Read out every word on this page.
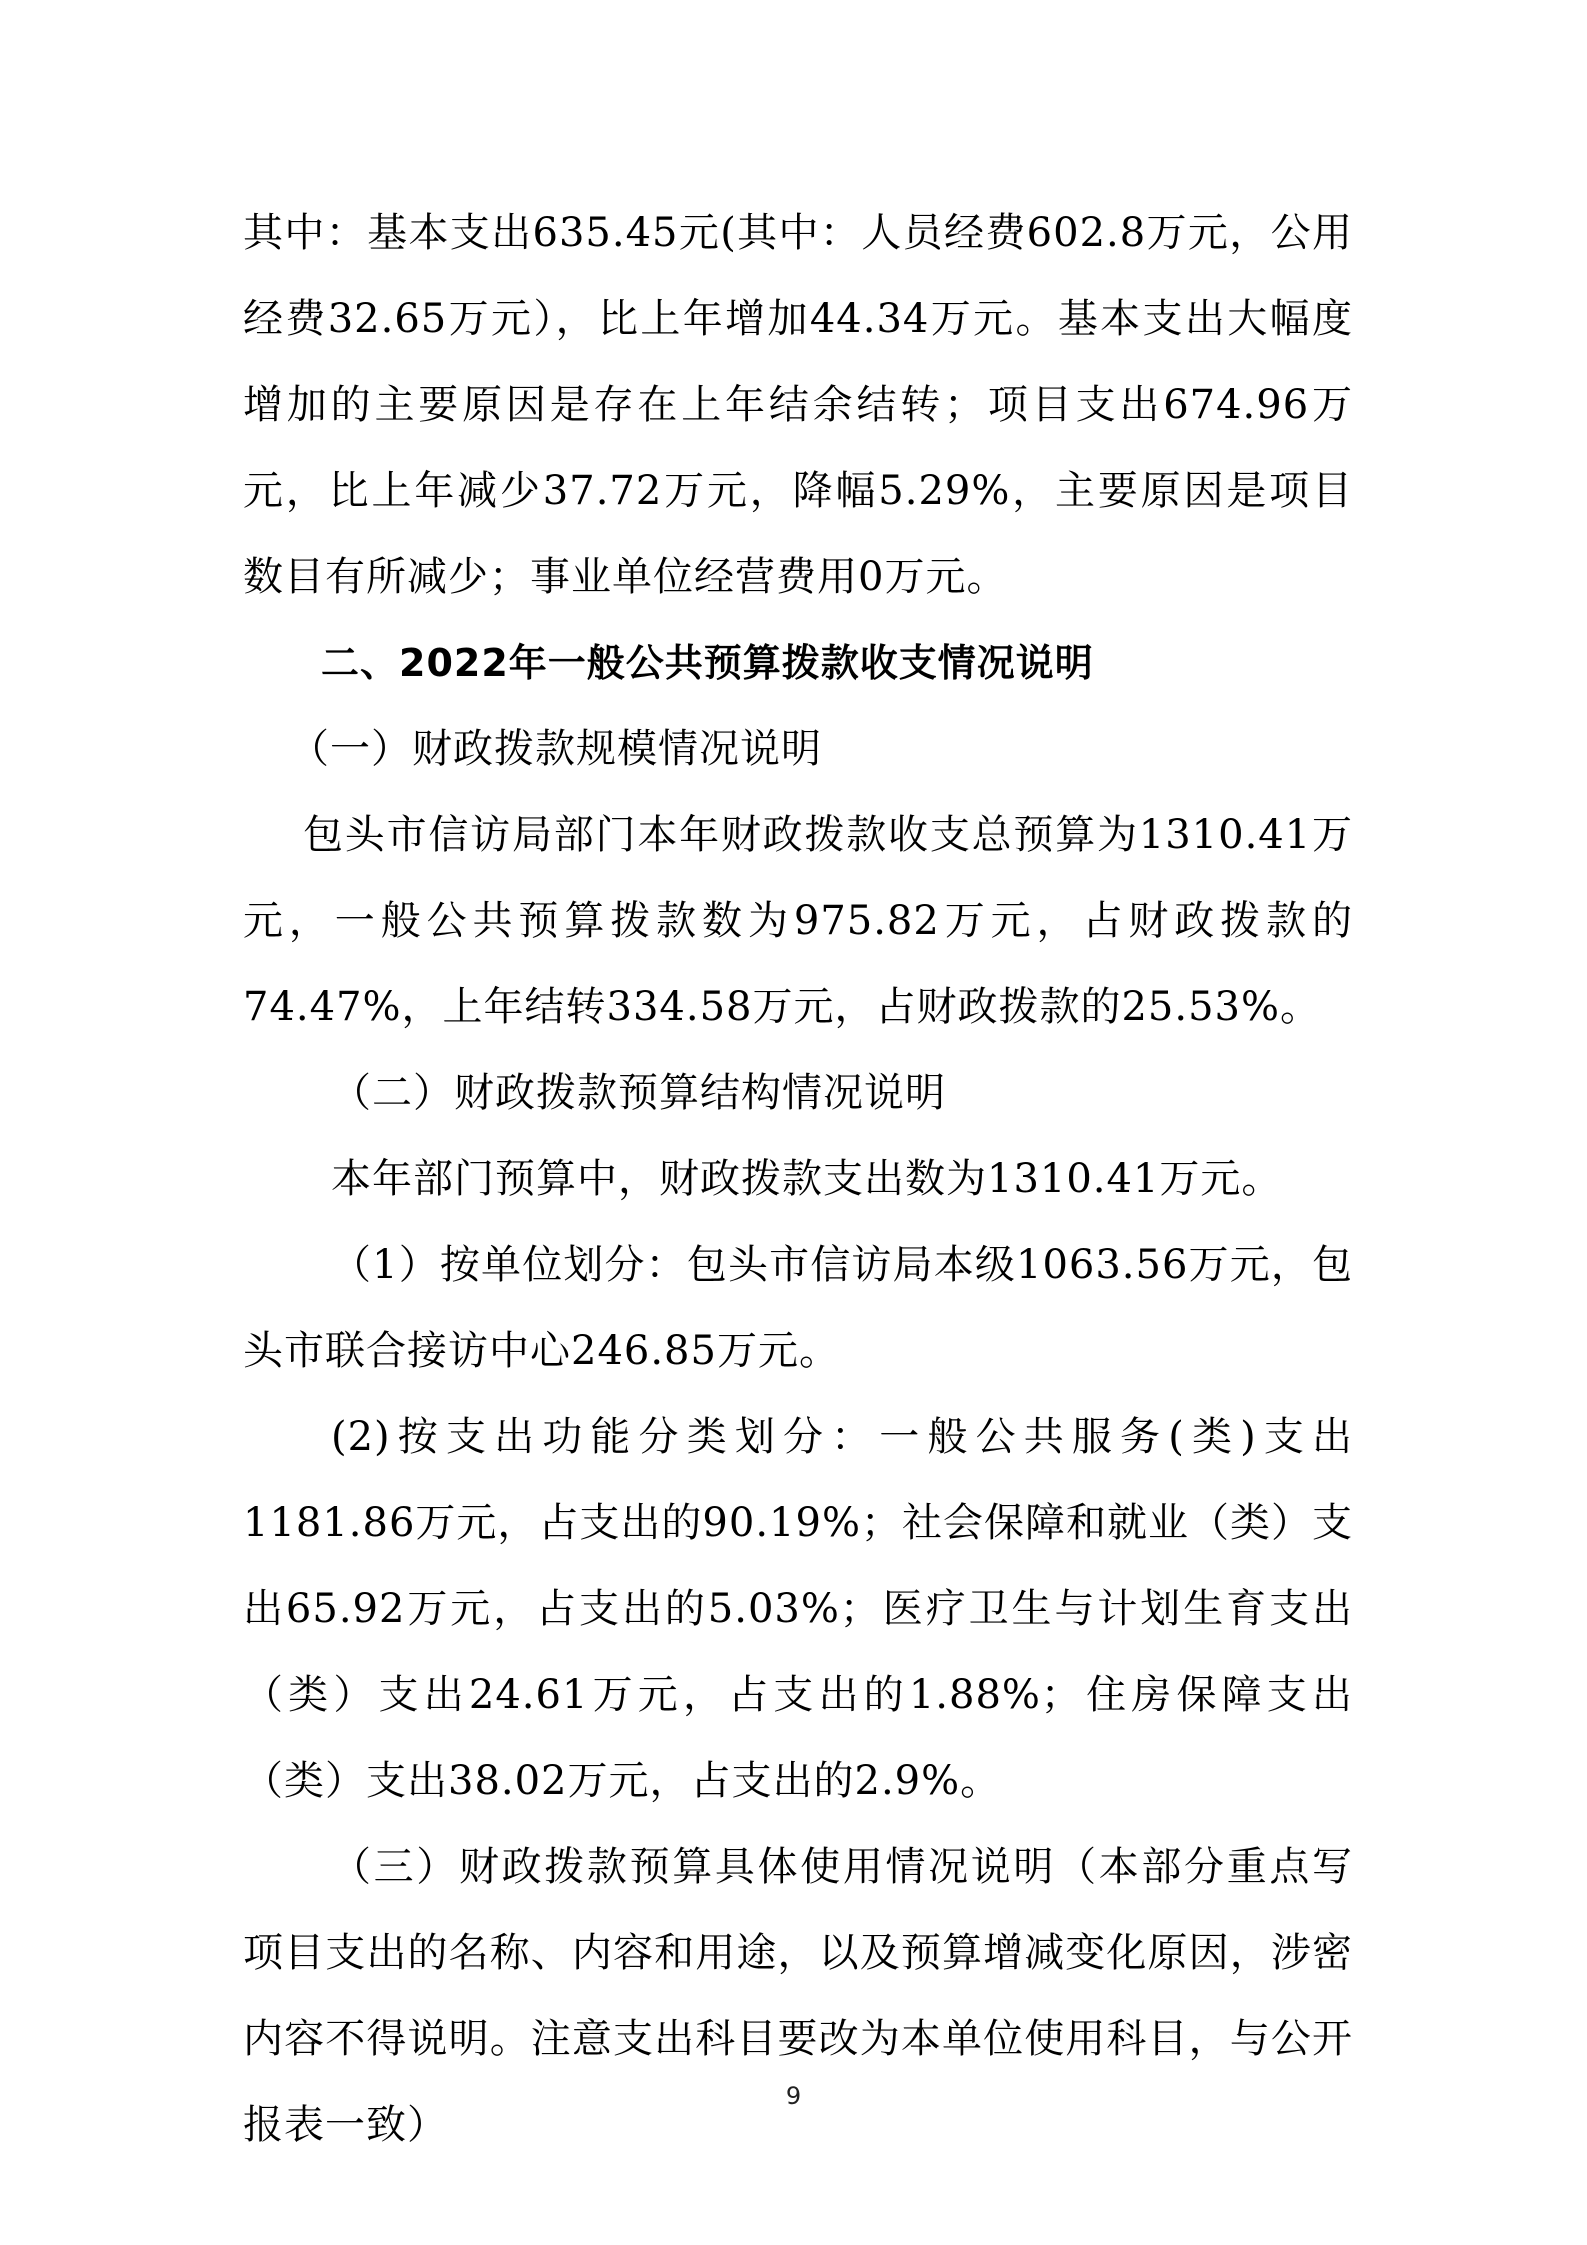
其中：基本支出635.45元(其中：人员经费602.8万元，公用经费32.65万元），比上年增加44.34万元。基本支出大幅度增加的主要原因是存在上年结余结转；项目支出674.96万元，比上年减少37.72万元，降幅5.29%，主要原因是项目数目有所减少；事业单位经营费用0万元。

二、2022年一般公共预算拨款收支情况说明

（一）财政拨款规模情况说明

包头市信访局部门本年财政拨款收支总预算为1310.41万元，一般公共预算拨款数为975.82万元，占财政拨款的74.47%，上年结转334.58万元，占财政拨款的25.53%。

（二）财政拨款预算结构情况说明

本年部门预算中，财政拨款支出数为1310.41万元。

（1）按单位划分：包头市信访局本级1063.56万元，包头市联合接访中心246.85万元。

(2)按支出功能分类划分：一般公共服务(类)支出1181.86万元，占支出的90.19%；社会保障和就业（类）支出65.92万元，占支出的5.03%；医疗卫生与计划生育支出（类）支出24.61万元，占支出的1.88%；住房保障支出（类）支出38.02万元，占支出的2.9%。

（三）财政拨款预算具体使用情况说明（本部分重点写项目支出的名称、内容和用途，以及预算增减变化原因，涉密内容不得说明。注意支出科目要改为本单位使用科目，与公开报表一致）

9
